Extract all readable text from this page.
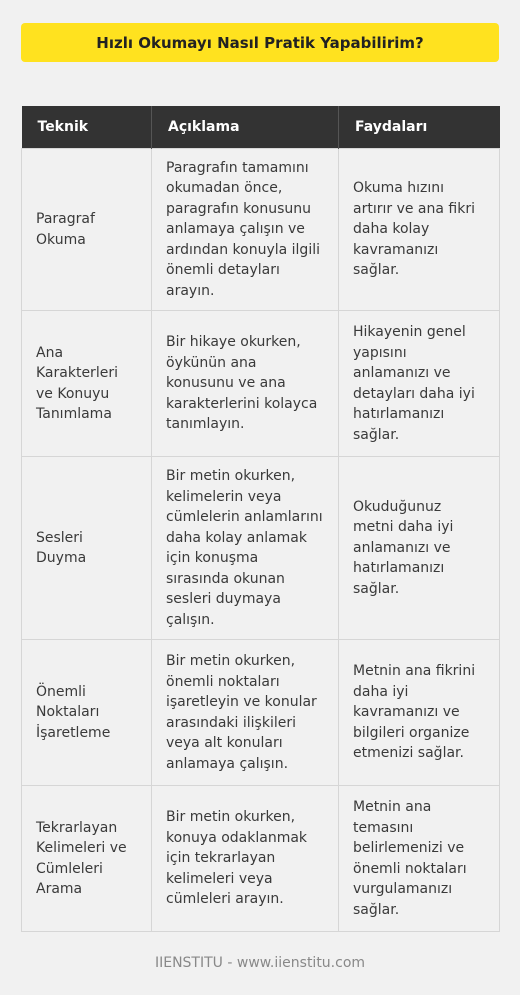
Hızlı Okumayı Nasıl Pratik Yapabilirim?
Teknik	Açıklama	Faydaları
Paragraf Okuma	Paragrafın tamamını okumadan önce, paragrafın konusunu anlamaya çalışın ve ardından konuyla ilgili önemli detayları arayın.	Okuma hızını artırır ve ana fikri daha kolay kavramanızı sağlar.
Ana Karakterleri ve Konuyu Tanımlama	Bir hikaye okurken, öykünün ana konusunu ve ana karakterlerini kolayca tanımlayın.	Hikayenin genel yapısını anlamanızı ve detayları daha iyi hatırlamanızı sağlar.
Sesleri Duyma	Bir metin okurken, kelimelerin veya cümlelerin anlamlarını daha kolay anlamak için konuşma sırasında okunan sesleri duymaya çalışın.	Okuduğunuz metni daha iyi anlamanızı ve hatırlamanızı sağlar.
Önemli Noktaları İşaretleme	Bir metin okurken, önemli noktaları işaretleyin ve konular arasındaki ilişkileri veya alt konuları anlamaya çalışın.	Metnin ana fikrini daha iyi kavramanızı ve bilgileri organize etmenizi sağlar.
Tekrarlayan Kelimeleri ve Cümleleri Arama	Bir metin okurken, konuya odaklanmak için tekrarlayan kelimeleri veya cümleleri arayın.	Metnin ana temasını belirlemenizi ve önemli noktaları vurgulamanızı sağlar.
IIENSTITU - www.iienstitu.com
